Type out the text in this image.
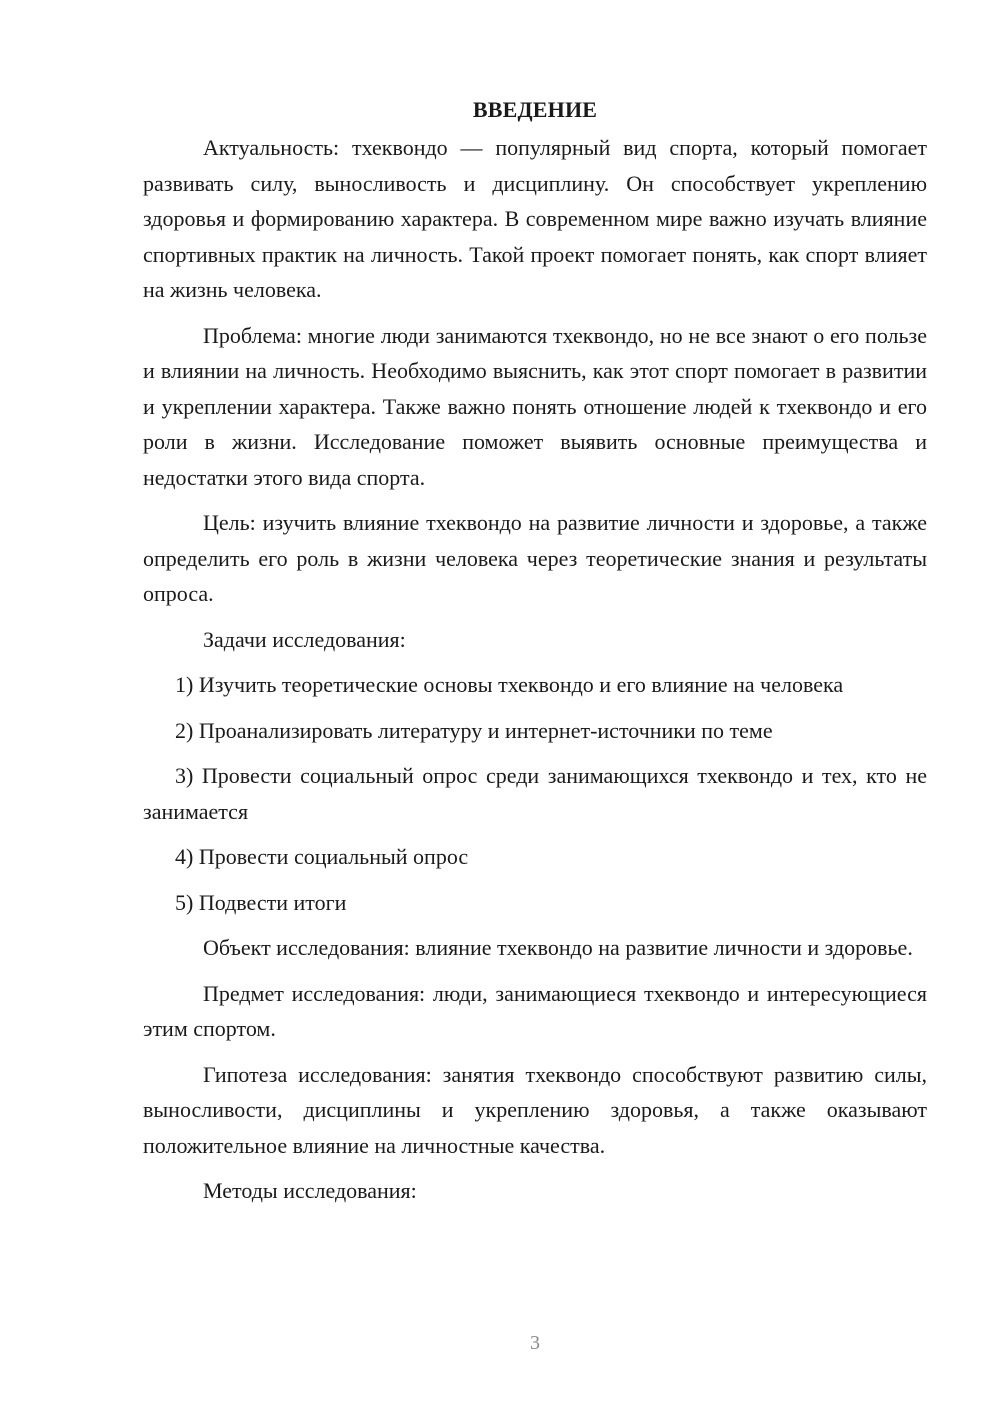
ВВЕДЕНИЕ

Актуальность: тхеквондо — популярный вид спорта, который помогает развивать силу, выносливость и дисциплину. Он способствует укреплению здоровья и формированию характера. В современном мире важно изучать влияние спортивных практик на личность. Такой проект помогает понять, как спорт влияет на жизнь человека.

Проблема: многие люди занимаются тхеквондо, но не все знают о его пользе и влиянии на личность. Необходимо выяснить, как этот спорт помогает в развитии и укреплении характера. Также важно понять отношение людей к тхеквондо и его роли в жизни. Исследование поможет выявить основные преимущества и недостатки этого вида спорта.

Цель: изучить влияние тхеквондо на развитие личности и здоровье, а также определить его роль в жизни человека через теоретические знания и результаты опроса.

Задачи исследования:

1) Изучить теоретические основы тхеквондо и его влияние на человека

2) Проанализировать литературу и интернет-источники по теме

3) Провести социальный опрос среди занимающихся тхеквондо и тех, кто не занимается

4) Провести социальный опрос

5) Подвести итоги

Объект исследования: влияние тхеквондо на развитие личности и здоровье.

Предмет исследования: люди, занимающиеся тхеквондо и интересующиеся этим спортом.

Гипотеза исследования: занятия тхеквондо способствуют развитию силы, выносливости, дисциплины и укреплению здоровья, а также оказывают положительное влияние на личностные качества.

Методы исследования:

3
